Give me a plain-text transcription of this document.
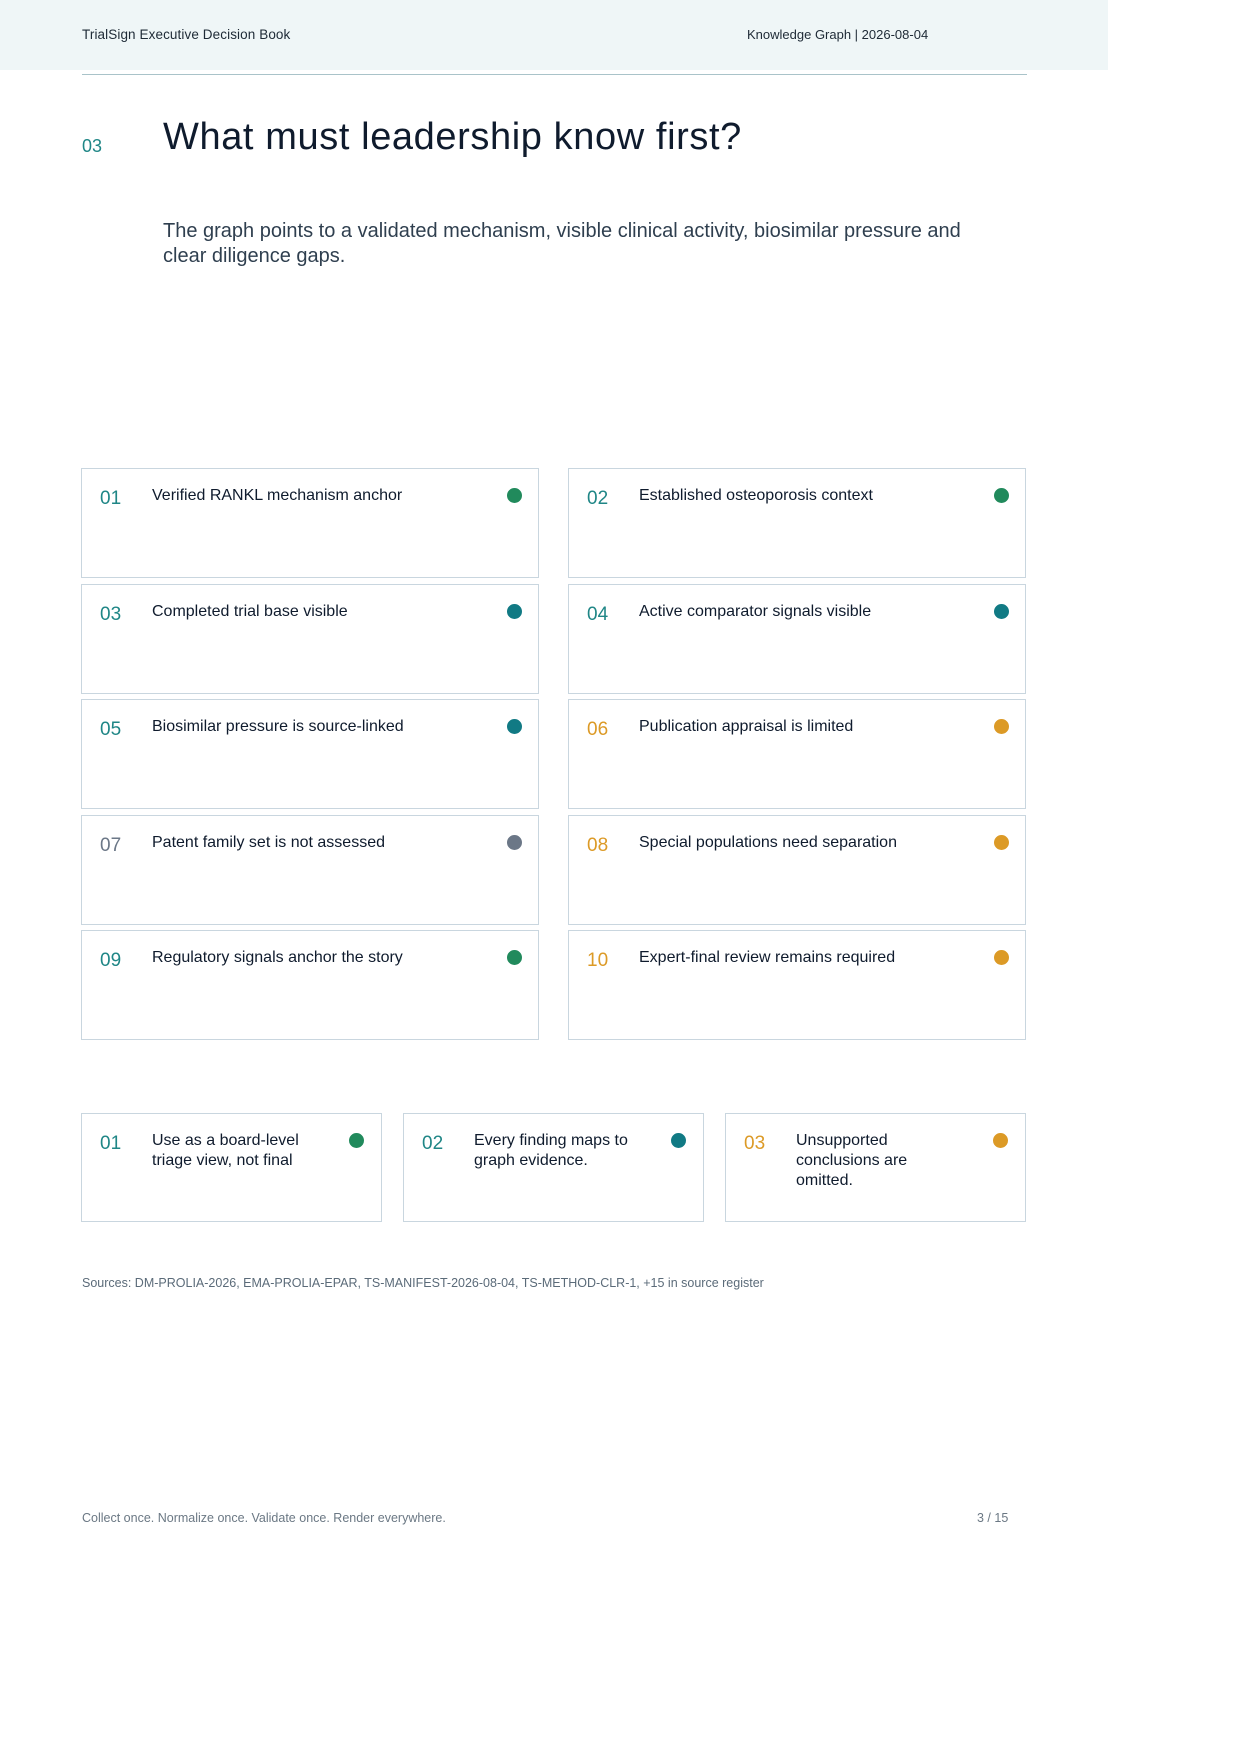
TrialSign Executive Decision Book	Knowledge Graph | 2026-08-04
03 What must leadership know first?

The graph points to a validated mechanism, visible clinical activity, biosimilar pressure and clear diligence gaps.

01 Verified RANKL mechanism anchor	02 Established osteoporosis context
03 Completed trial base visible	04 Active comparator signals visible
05 Biosimilar pressure is source-linked	06 Publication appraisal is limited
07 Patent family set is not assessed	08 Special populations need separation
09 Regulatory signals anchor the story	10 Expert-final review remains required
01 Use as a board-level triage view, not final
02 Every finding maps to graph evidence.
03 Unsupported conclusions are omitted.
Sources: DM-PROLIA-2026, EMA-PROLIA-EPAR, TS-MANIFEST-2026-08-04, TS-METHOD-CLR-1, +15 in source register
Collect once. Normalize once. Validate once. Render everywhere.	3 / 15
